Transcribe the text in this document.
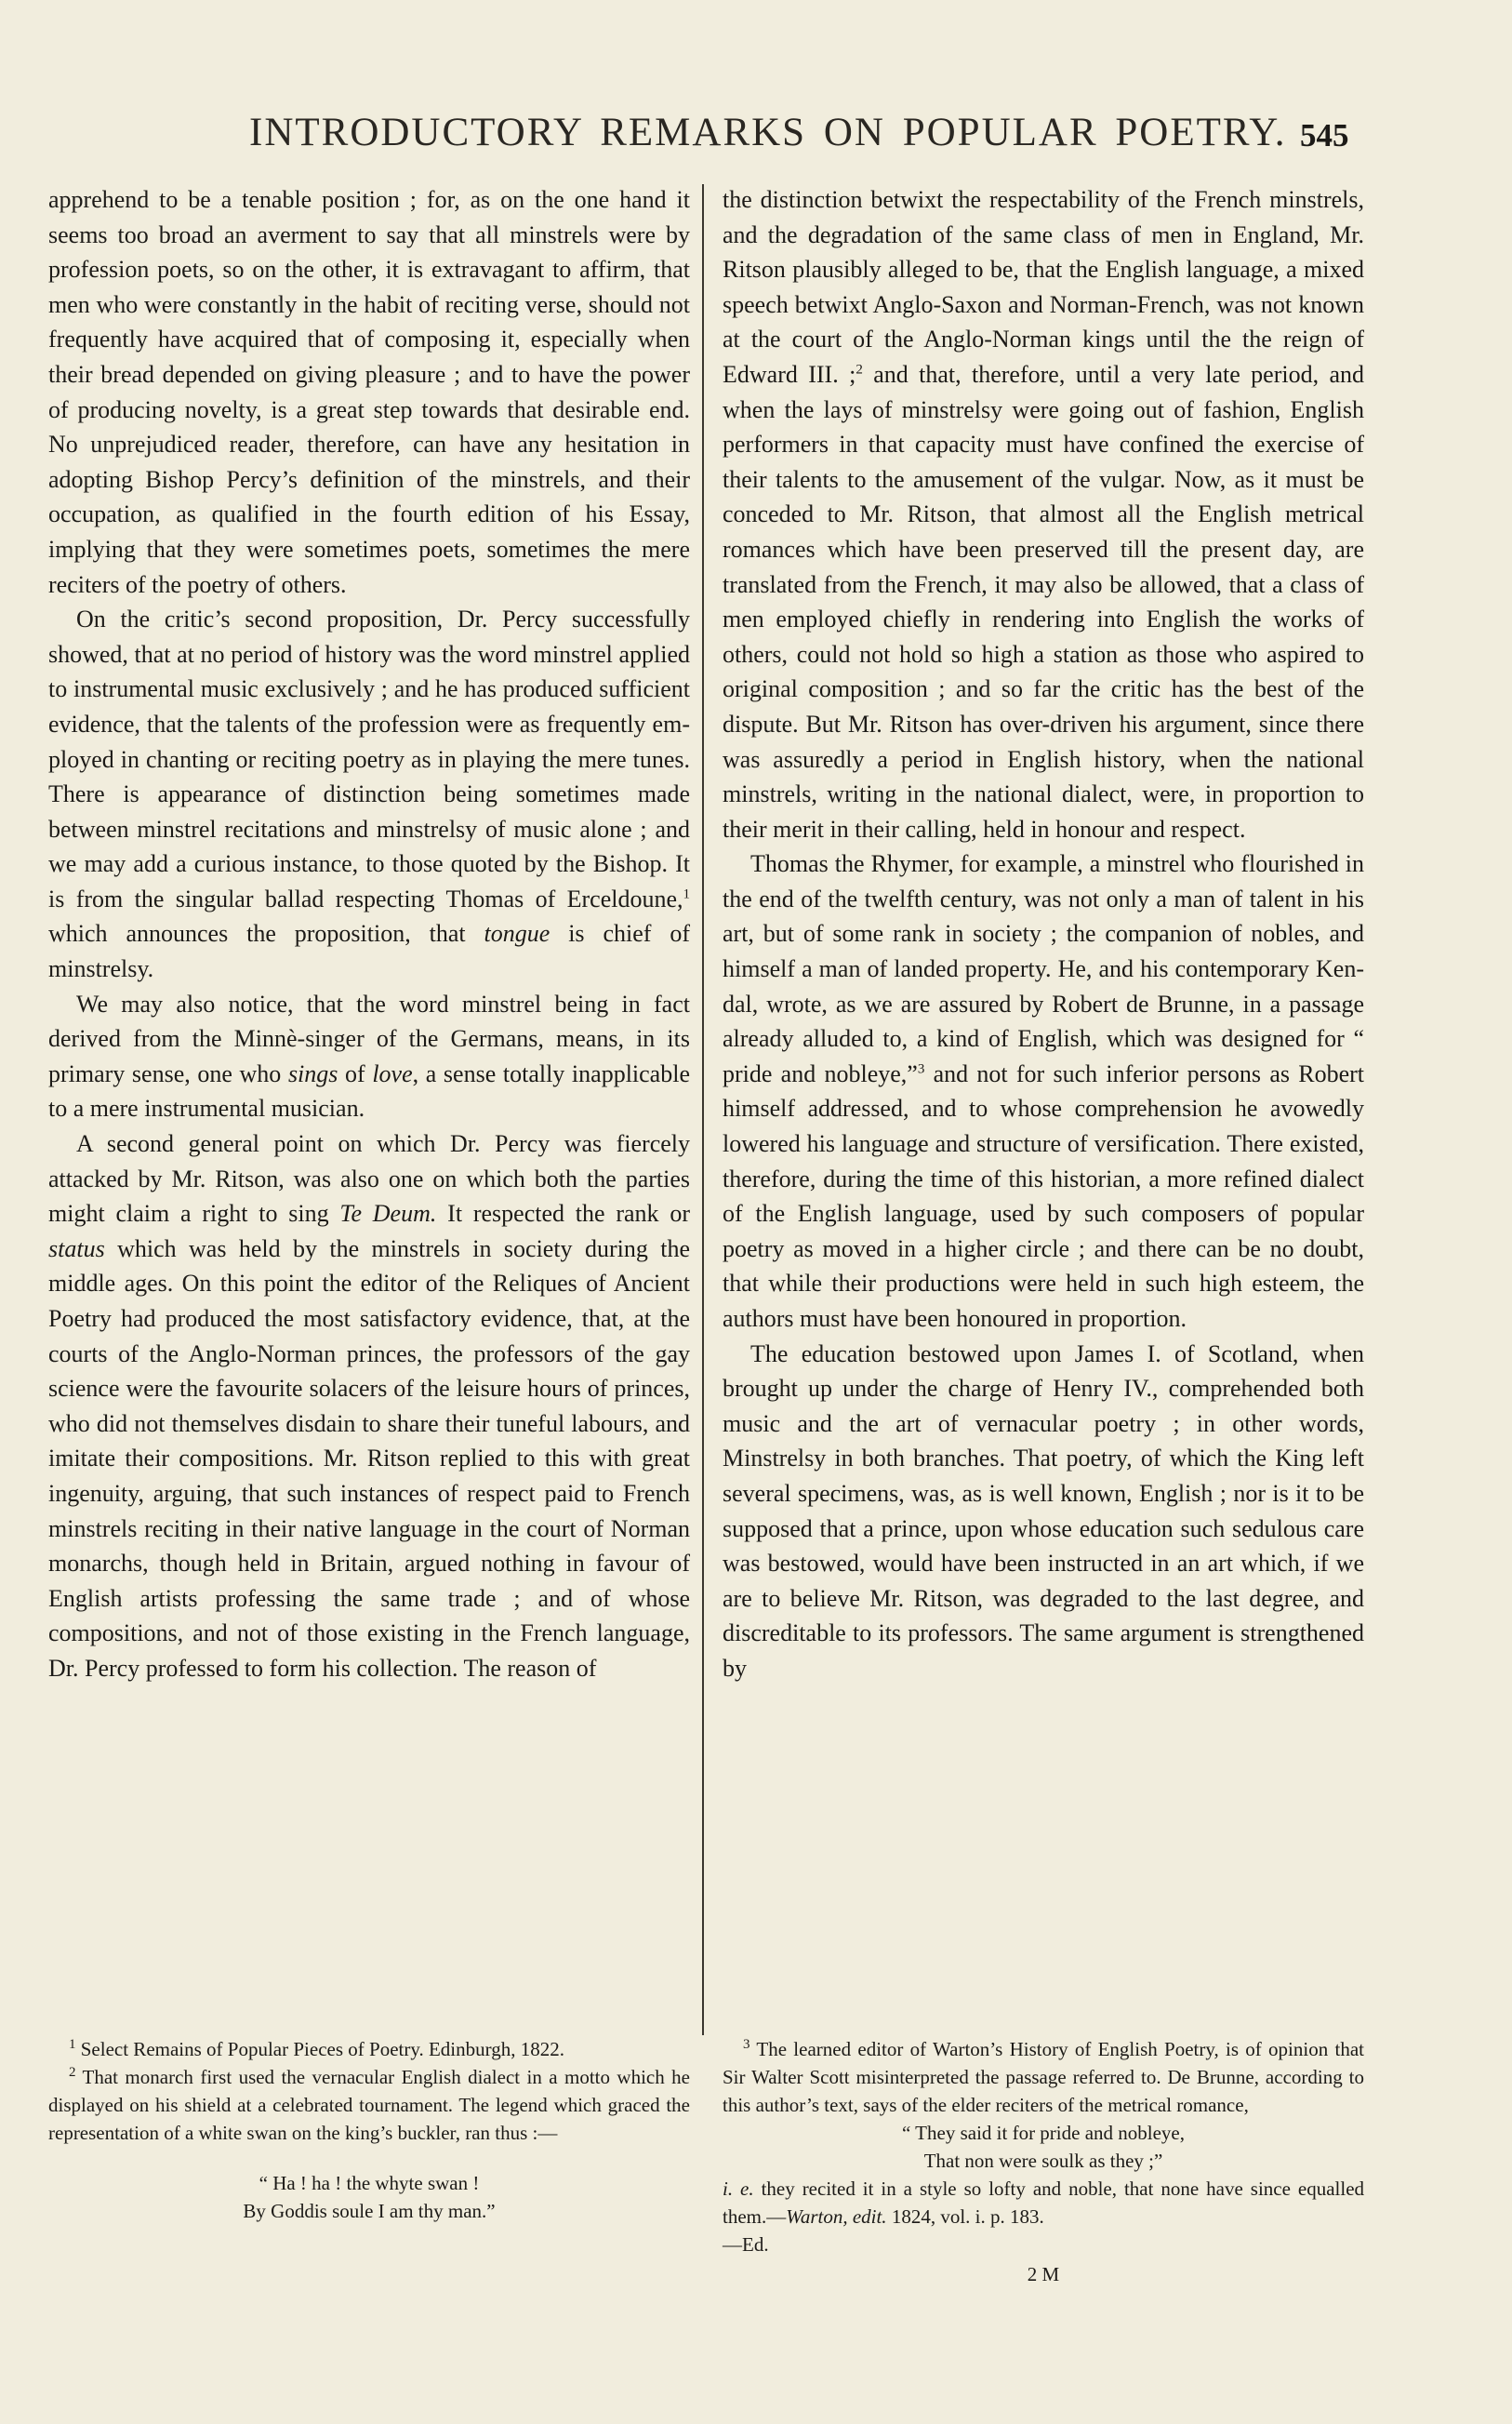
INTRODUCTORY REMARKS ON POPULAR POETRY. 545

apprehend to be a tenable position ; for, as on the one hand it seems too broad an averment to say that all minstrels were by profession poets, so on the other, it is extravagant to affirm, that men who were constantly in the habit of reciting verse, should not frequently have acquired that of composing it, especially when their bread depended on giving pleasure ; and to have the power of producing novelty, is a great step towards that desirable end. No unprejudiced reader, therefore, can have any hesitation in adopting Bishop Percy’s definition of the minstrels, and their occupation, as qualified in the fourth edition of his Essay, implying that they were sometimes poets, sometimes the mere reciters of the poetry of others.

On the critic’s second proposition, Dr. Percy successfully showed, that at no period of history was the word minstrel applied to instrumental music exclusively ; and he has produced sufficient evidence, that the talents of the profession were as frequently employed in chanting or reciting poetry as in playing the mere tunes. There is appearance of distinction being sometimes made between minstrel recitations and minstrelsy of music alone ; and we may add a curious instance, to those quoted by the Bishop. It is from the singular ballad respecting Thomas of Erceldoune,$^1$ which announces the proposition, that tongue is chief of minstrelsy.

We may also notice, that the word minstrel being in fact derived from the Minnè-singer of the Germans, means, in its primary sense, one who sings of love, a sense totally inapplicable to a mere instrumental musician.

A second general point on which Dr. Percy was fiercely attacked by Mr. Ritson, was also one on which both the parties might claim a right to sing Te Deum. It respected the rank or status which was held by the minstrels in society during the middle ages. On this point the editor of the Reliques of Ancient Poetry had produced the most satisfactory evidence, that, at the courts of the Anglo-Norman princes, the professors of the gay science were the favourite solacers of the leisure hours of princes, who did not themselves disdain to share their tuneful labours, and imitate their compositions. Mr. Ritson replied to this with great ingenuity, arguing, that such instances of respect paid to French minstrels reciting in their native language in the court of Norman monarchs, though held in Britain, argued nothing in favour of English artists professing the same trade ; and of whose compositions, and not of those existing in the French language, Dr. Percy professed to form his collection. The reason of

the distinction betwixt the respectability of the French minstrels, and the degradation of the same class of men in England, Mr. Ritson plausibly alleged to be, that the English language, a mixed speech betwixt Anglo-Saxon and Norman-French, was not known at the court of the Anglo-Norman kings until the the reign of Edward III. ;$^2$ and that, therefore, until a very late period, and when the lays of minstrelsy were going out of fashion, English performers in that capacity must have confined the exercise of their talents to the amusement of the vulgar. Now, as it must be conceded to Mr. Ritson, that almost all the English metrical romances which have been preserved till the present day, are translated from the French, it may also be allowed, that a class of men employed chiefly in rendering into English the works of others, could not hold so high a station as those who aspired to original composition ; and so far the critic has the best of the dispute. But Mr. Ritson has over-driven his argument, since there was assuredly a period in English history, when the national minstrels, writing in the national dialect, were, in proportion to their merit in their calling, held in honour and respect.

Thomas the Rhymer, for example, a minstrel who flourished in the end of the twelfth century, was not only a man of talent in his art, but of some rank in society ; the companion of nobles, and himself a man of landed property. He, and his contemporary Kendal, wrote, as we are assured by Robert de Brunne, in a passage already alluded to, a kind of English, which was designed for “ pride and nobleye,”$^3$ and not for such inferior persons as Robert himself addressed, and to whose comprehension he avowedly lowered his language and structure of versification. There existed, therefore, during the time of this historian, a more refined dialect of the English language, used by such composers of popular poetry as moved in a higher circle ; and there can be no doubt, that while their productions were held in such high esteem, the authors must have been honoured in proportion.

The education bestowed upon James I. of Scotland, when brought up under the charge of Henry IV., comprehended both music and the art of vernacular poetry ; in other words, Minstrelsy in both branches. That poetry, of which the King left several specimens, was, as is well known, English ; nor is it to be supposed that a prince, upon whose education such sedulous care was bestowed, would have been instructed in an art which, if we are to believe Mr. Ritson, was degraded to the last degree, and discreditable to its professors. The same argument is strengthened by

$^1$ Select Remains of Popular Pieces of Poetry. Edinburgh, 1822.

$^2$ That monarch first used the vernacular English dialect in a motto which he displayed on his shield at a celebrated tournament. The legend which graced the representation of a white swan on the king’s buckler, ran thus :—

“ Ha ! ha ! the whyte swan !

By Goddis soule I am thy man.”

$^3$ The learned editor of Warton’s History of English Poetry, is of opinion that Sir Walter Scott misinterpreted the passage referred to. De Brunne, according to this author’s text, says of the elder reciters of the metrical romance,

“ They said it for pride and nobleye,

That non were soulk as they ;”

i. e. they recited it in a style so lofty and noble, that none have since equalled them.—Warton, edit. 1824, vol. i. p. 183.

—Ed.

2 M
